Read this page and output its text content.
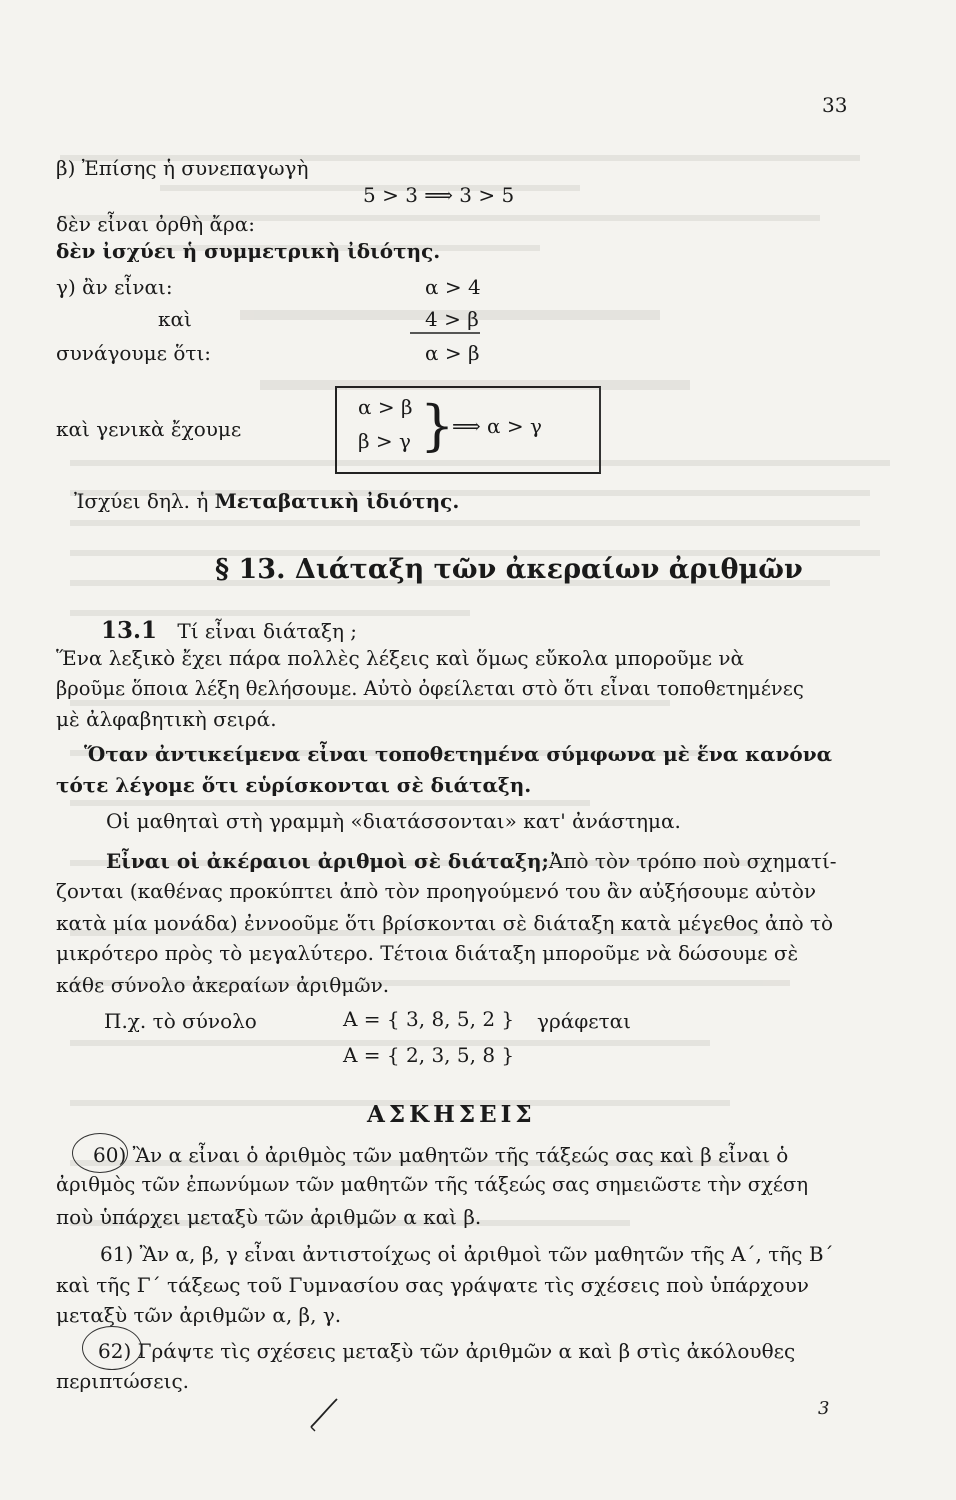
33
β) Ἐπίσης ἡ συνεπαγωγὴ
5 > 3 ⟹ 3 > 5
δὲν εἶναι ὀρθὴ ἄρα:
δὲν ἰσχύει ἡ συμμετρικὴ ἰδιότης.
γ) ἂν εἶναι:	α > 4
καὶ	4 > β
συνάγουμε ὅτι:	α > β
καὶ γενικὰ ἔχουμε
α > β
β > γ }
⟹ α > γ
Ἰσχύει δηλ. ἡ Μεταβατικὴ ἰδιότης.
§ 13. Διάταξη τῶν ἀκεραίων ἀριθμῶν
13.1 Τί εἶναι διάταξη ;
Ἕνα λεξικὸ ἔχει πάρα πολλὲς λέξεις καὶ ὅμως εὔκολα μποροῦμε νὰ
βροῦμε ὅποια λέξη θελήσουμε. Αὐτὸ ὀφείλεται στὸ ὅτι εἶναι τοποθετημένες
μὲ ἀλφαβητικὴ σειρά.
Ὅταν ἀντικείμενα εἶναι τοποθετημένα σύμφωνα μὲ ἕνα κανόνα
τότε λέγομε ὅτι εὑρίσκονται σὲ διάταξη.
Οἱ μαθηταὶ στὴ γραμμὴ «διατάσσονται» κατ' ἀνάστημα.
Εἶναι οἱ ἀκέραιοι ἀριθμοὶ σὲ διάταξη;Ἀπὸ τὸν τρόπο ποὺ σχηματί-
ζονται (καθένας προκύπτει ἀπὸ τὸν προηγούμενό του ἂν αὐξήσουμε αὐτὸν
κατὰ μία μονάδα) ἐννοοῦμε ὅτι βρίσκονται σὲ διάταξη κατὰ μέγεθος ἀπὸ τὸ
μικρότερο πρὸς τὸ μεγαλύτερο. Τέτοια διάταξη μποροῦμε νὰ δώσουμε σὲ
κάθε σύνολο ἀκεραίων ἀριθμῶν.
Π.χ. τὸ σύνολο	Α = { 3, 8, 5, 2 } γράφεται
Α = { 2, 3, 5, 8 }
ΑΣΚΗΣΕΙΣ
60) Ἂν α εἶναι ὁ ἀριθμὸς τῶν μαθητῶν τῆς τάξεώς σας καὶ β εἶναι ὁ
ἀριθμὸς τῶν ἐπωνύμων τῶν μαθητῶν τῆς τάξεώς σας σημειῶστε τὴν σχέση
ποὺ ὑπάρχει μεταξὺ τῶν ἀριθμῶν α καὶ β.
61) Ἂν α, β, γ εἶναι ἀντιστοίχως οἱ ἀριθμοὶ τῶν μαθητῶν τῆς Α΄, τῆς Β΄
καὶ τῆς Γ΄ τάξεως τοῦ Γυμνασίου σας γράψατε τὶς σχέσεις ποὺ ὑπάρχουν
μεταξὺ τῶν ἀριθμῶν α, β, γ.
62) Γράψτε τὶς σχέσεις μεταξὺ τῶν ἀριθμῶν α καὶ β στὶς ἀκόλουθες
περιπτώσεις.
3
